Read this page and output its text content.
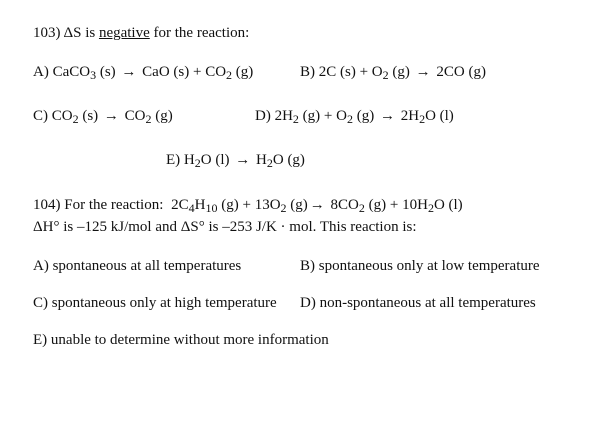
103) ΔS is negative for the reaction:
A) CaCO$_3$ (s) → CaO $(s) + CO_2$ (g)	B) 2C $(s) + O_2$ (g) → 2CO (g)
C) $CO_2$ $(s) \to CO_2$ (g)	D) $2H_2$ $(g) + O_2$ $(g) \to 2H_2O$ (l)
E) $H_2O$ $(l) \to H_2O$ (g)
104) For the reaction: $2C_4H_{10}$ $(g) + 13O_2$ $(g) \to 8CO_2$ $(g) + 10H_2O$ (l)
ΔH° is –125 kJ/mol and ΔS° is –253 J/K · mol. This reaction is:
A) spontaneous at all temperatures	B) spontaneous only at low temperature
C) spontaneous only at high temperature D) non-spontaneous at all temperatures
E) unable to determine without more information
